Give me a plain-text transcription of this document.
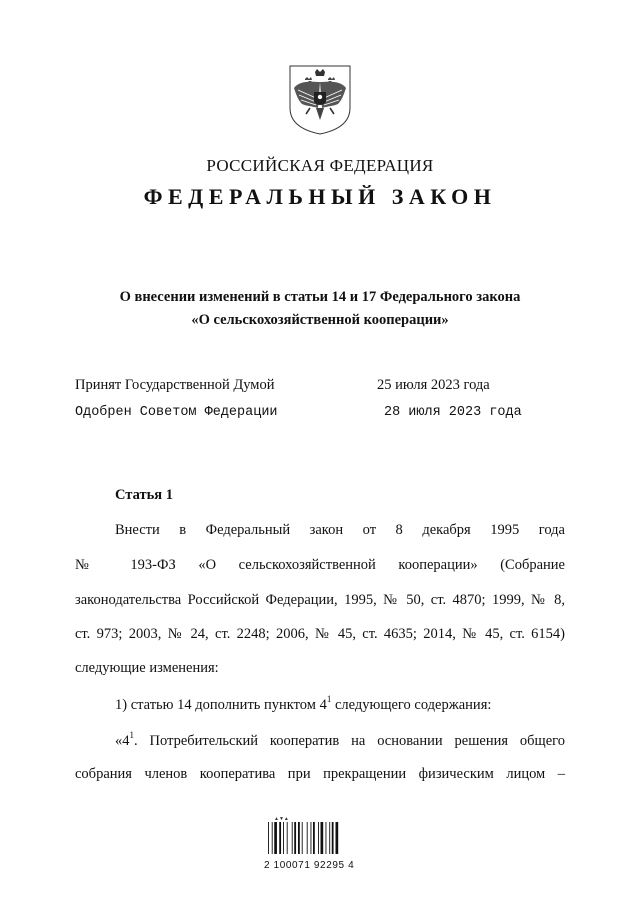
РОССИЙСКАЯ ФЕДЕРАЦИЯ
ФЕДЕРАЛЬНЫЙ ЗАКОН
О внесении изменений в статьи 14 и 17 Федерального закона
«О сельскохозяйственной кооперации»
Принят Государственной Думой	25 июля 2023 года
Одобрен Советом Федерации	28 июля 2023 года
Статья 1
Внести в Федеральный закон от 8 декабря 1995 года
№ 193-ФЗ «О сельскохозяйственной кооперации» (Собрание
законодательства Российской Федерации, 1995, № 50, ст. 4870; 1999, № 8,
ст. 973; 2003, № 24, ст. 2248; 2006, № 45, ст. 4635; 2014, № 45, ст. 6154)
следующие изменения:
1) статью 14 дополнить пунктом $4^1$ следующего содержания:
«$4^1$. Потребительский кооператив на основании решения общего
собрания членов кооператива при прекращении физическим лицом –
▲▼▲
2 100071 92295 4
